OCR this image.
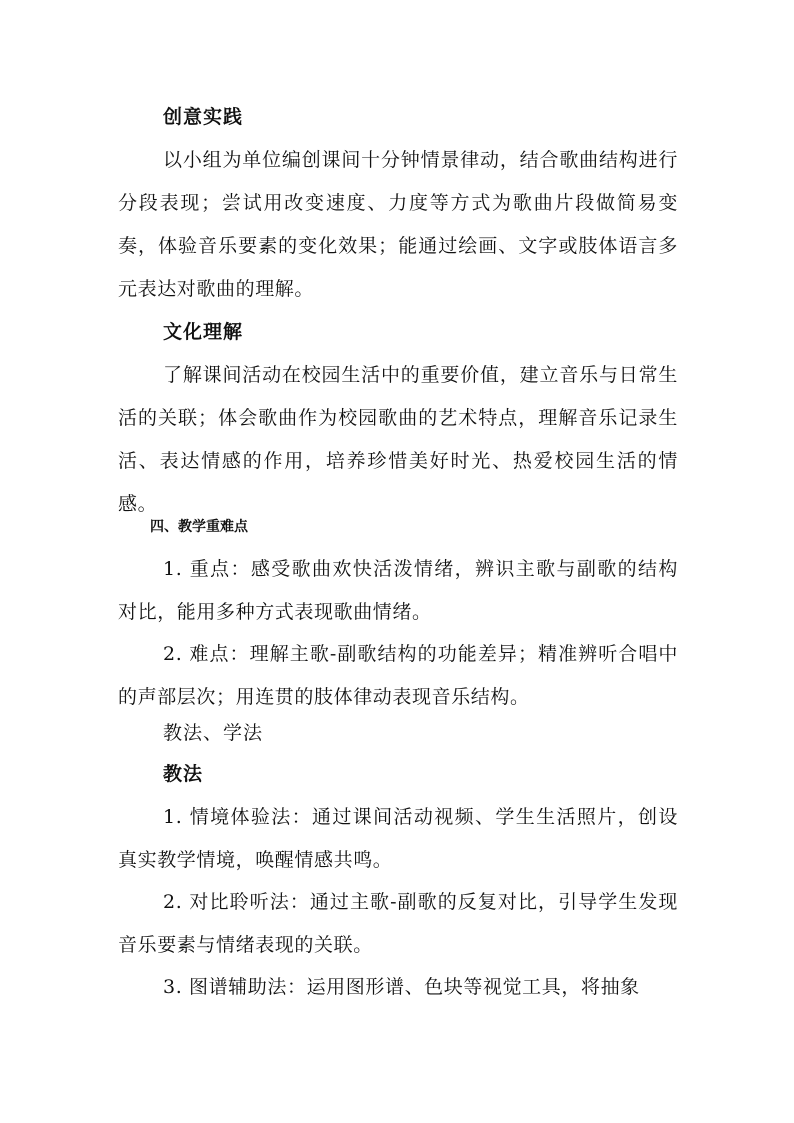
创意实践

以小组为单位编创课间十分钟情景律动，结合歌曲结构进行分段表现；尝试用改变速度、力度等方式为歌曲片段做简易变奏，体验音乐要素的变化效果；能通过绘画、文字或肢体语言多元表达对歌曲的理解。

文化理解

了解课间活动在校园生活中的重要价值，建立音乐与日常生活的关联；体会歌曲作为校园歌曲的艺术特点，理解音乐记录生活、表达情感的作用，培养珍惜美好时光、热爱校园生活的情感。

四、教学重难点

1. 重点：感受歌曲欢快活泼情绪，辨识主歌与副歌的结构对比，能用多种方式表现歌曲情绪。

2. 难点：理解主歌-副歌结构的功能差异；精准辨听合唱中的声部层次；用连贯的肢体律动表现音乐结构。

教法、学法

教法

1. 情境体验法：通过课间活动视频、学生生活照片，创设真实教学情境，唤醒情感共鸣。

2. 对比聆听法：通过主歌-副歌的反复对比，引导学生发现音乐要素与情绪表现的关联。

3. 图谱辅助法：运用图形谱、色块等视觉工具，将抽象
